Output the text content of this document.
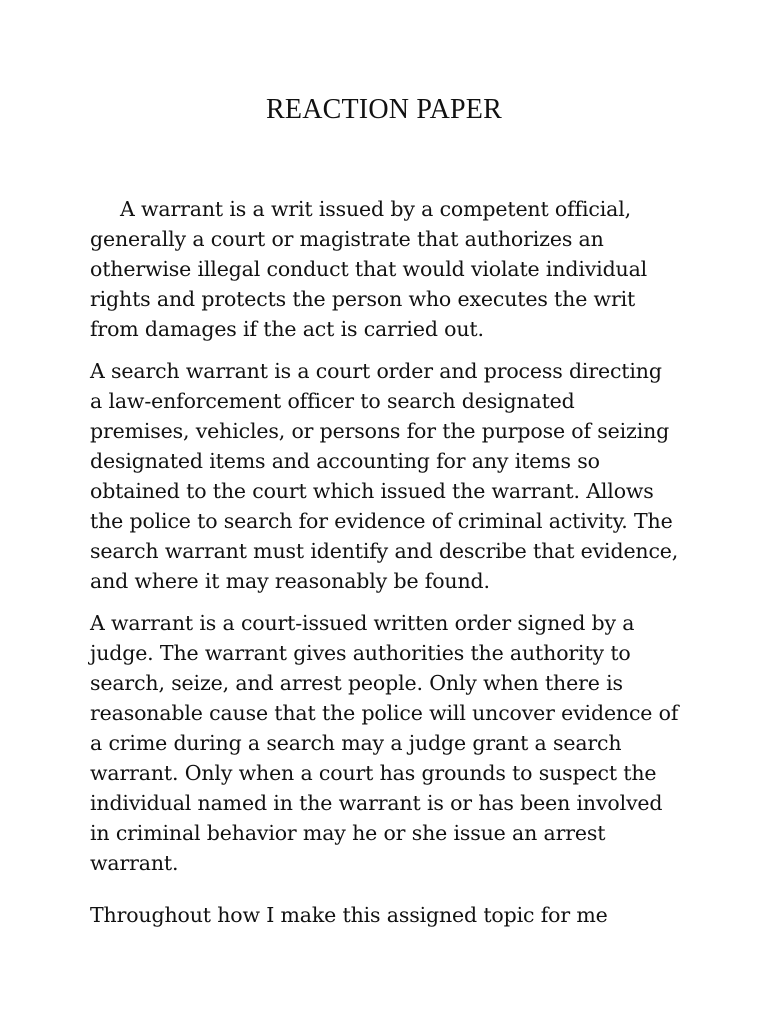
REACTION PAPER

A warrant is a writ issued by a competent official, generally a court or magistrate that authorizes an otherwise illegal conduct that would violate individual rights and protects the person who executes the writ from damages if the act is carried out.

A search warrant is a court order and process directing a law-enforcement officer to search designated premises, vehicles, or persons for the purpose of seizing designated items and accounting for any items so obtained to the court which issued the warrant. Allows the police to search for evidence of criminal activity. The search warrant must identify and describe that evidence, and where it may reasonably be found.

A warrant is a court-issued written order signed by a judge. The warrant gives authorities the authority to search, seize, and arrest people. Only when there is reasonable cause that the police will uncover evidence of a crime during a search may a judge grant a search warrant. Only when a court has grounds to suspect the individual named in the warrant is or has been involved in criminal behavior may he or she issue an arrest warrant.

Throughout how I make this assigned topic for me
